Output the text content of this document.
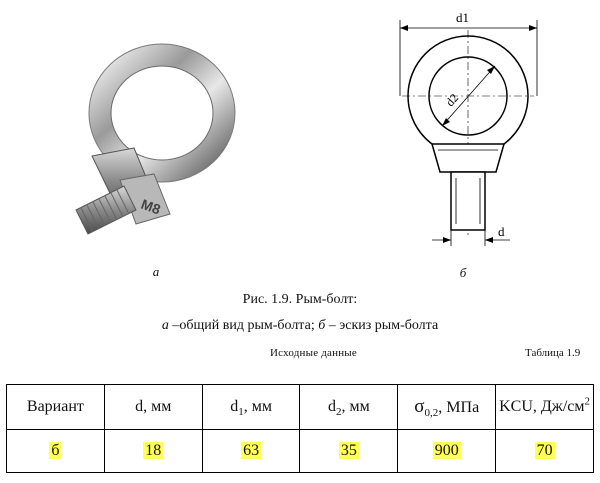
M8
а
d1
d2
d
б
Рис. 1.9. Рым-болт:
а –общий вид рым-болта; б – эскиз рым-болта
Исходные данные	Таблица 1.9
Вариант	d, мм	$d_1$, мм	$d_2$, мм	$\sigma_{0,2}$, МПа	KCU, $Дж/см^2$
б	18	63	35	900	70
